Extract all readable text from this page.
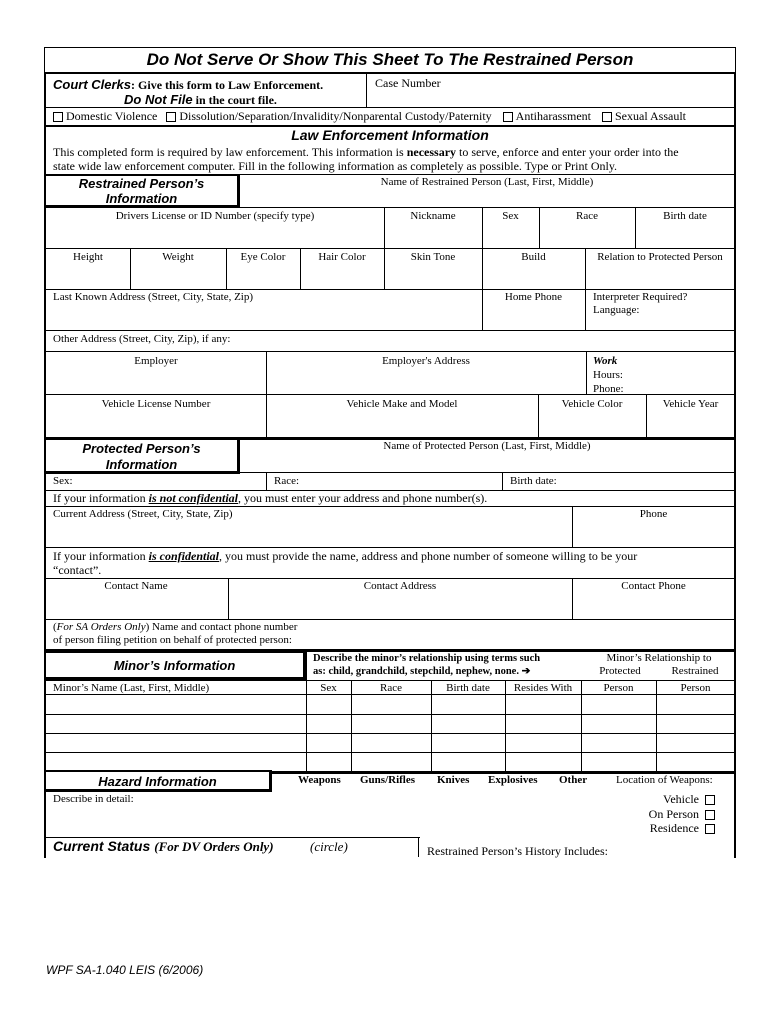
Do Not Serve Or Show This Sheet To The Restrained Person
Court Clerks: Give this form to Law Enforcement.
Do Not File in the court file.
Case Number
Domestic Violence Dissolution/Separation/Invalidity/Nonparental Custody/Paternity Antiharassment Sexual Assault
Law Enforcement Information
This completed form is required by law enforcement. This information is necessary to serve, enforce and enter your order into the
state wide law enforcement computer. Fill in the following information as completely as possible. Type or Print Only.
Restrained Person’s
Information
Name of Restrained Person (Last, First, Middle)
Drivers License or ID Number (specify type)	Nickname	Sex	Race	Birth date
Height	Weight	Eye Color	Hair Color	Skin Tone	Build	Relation to Protected Person
Last Known Address (Street, City, State, Zip)	Home Phone	Interpreter Required?
Language:
Other Address (Street, City, Zip), if any:
Employer	Employer's Address	Work
Hours:
Phone:
Vehicle License Number	Vehicle Make and Model	Vehicle Color	Vehicle Year
Protected Person’s
Information
Name of Protected Person (Last, First, Middle)
Sex:	Race:	Birth date:
If your information is not confidential, you must enter your address and phone number(s).
Current Address (Street, City, State, Zip)	Phone
If your information is confidential, you must provide the name, address and phone number of someone willing to be your
“contact”.
Contact Name	Contact Address	Contact Phone
(For SA Orders Only) Name and contact phone number
of person filing petition on behalf of protected person:
Minor’s Information	Describe the minor’s relationship using terms such
as: child, grandchild, stepchild, nephew, none. ➔
Minor’s Relationship to
Protected	Restrained
Minor’s Name (Last, First, Middle)	Sex	Race	Birth date	Resides With	Person	Person
Hazard Information	Weapons Guns/Rifles Knives Explosives Other	Location of Weapons:
Describe in detail:	Vehicle
On Person
Residence
Current Status (For DV Orders Only)	(circle)	Restrained Person’s History Includes:
WPF SA-1.040 LEIS (6/2006)
